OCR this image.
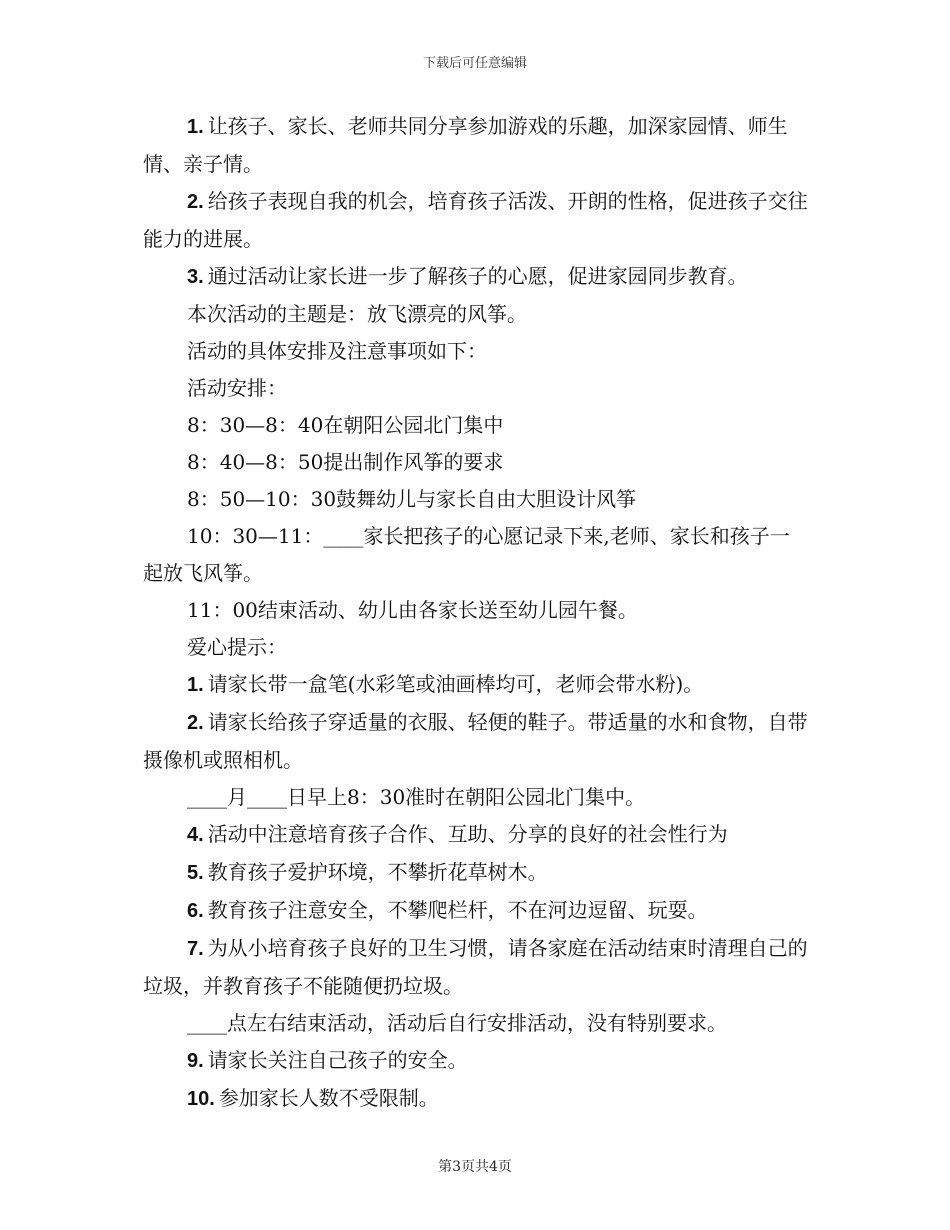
下载后可任意编辑

1. 让孩子、家长、老师共同分享参加游戏的乐趣，加深家园情、师生情、亲子情。

2. 给孩子表现自我的机会，培育孩子活泼、开朗的性格，促进孩子交往能力的进展。

3. 通过活动让家长进一步了解孩子的心愿，促进家园同步教育。

本次活动的主题是：放飞漂亮的风筝。

活动的具体安排及注意事项如下：

活动安排：

8：30—8：40在朝阳公园北门集中

8：40—8：50提出制作风筝的要求

8：50—10：30鼓舞幼儿与家长自由大胆设计风筝

10：30—11：____家长把孩子的心愿记录下来,老师、家长和孩子一起放飞风筝。

11：00结束活动、幼儿由各家长送至幼儿园午餐。

爱心提示：

1. 请家长带一盒笔(水彩笔或油画棒均可，老师会带水粉)。

2. 请家长给孩子穿适量的衣服、轻便的鞋子。带适量的水和食物，自带摄像机或照相机。

____月____日早上8：30准时在朝阳公园北门集中。

4. 活动中注意培育孩子合作、互助、分享的良好的社会性行为

5. 教育孩子爱护环境，不攀折花草树木。

6. 教育孩子注意安全，不攀爬栏杆，不在河边逗留、玩耍。

7. 为从小培育孩子良好的卫生习惯，请各家庭在活动结束时清理自己的垃圾，并教育孩子不能随便扔垃圾。

____点左右结束活动，活动后自行安排活动，没有特别要求。

9. 请家长关注自己孩子的安全。

10. 参加家长人数不受限制。

第3页共4页
